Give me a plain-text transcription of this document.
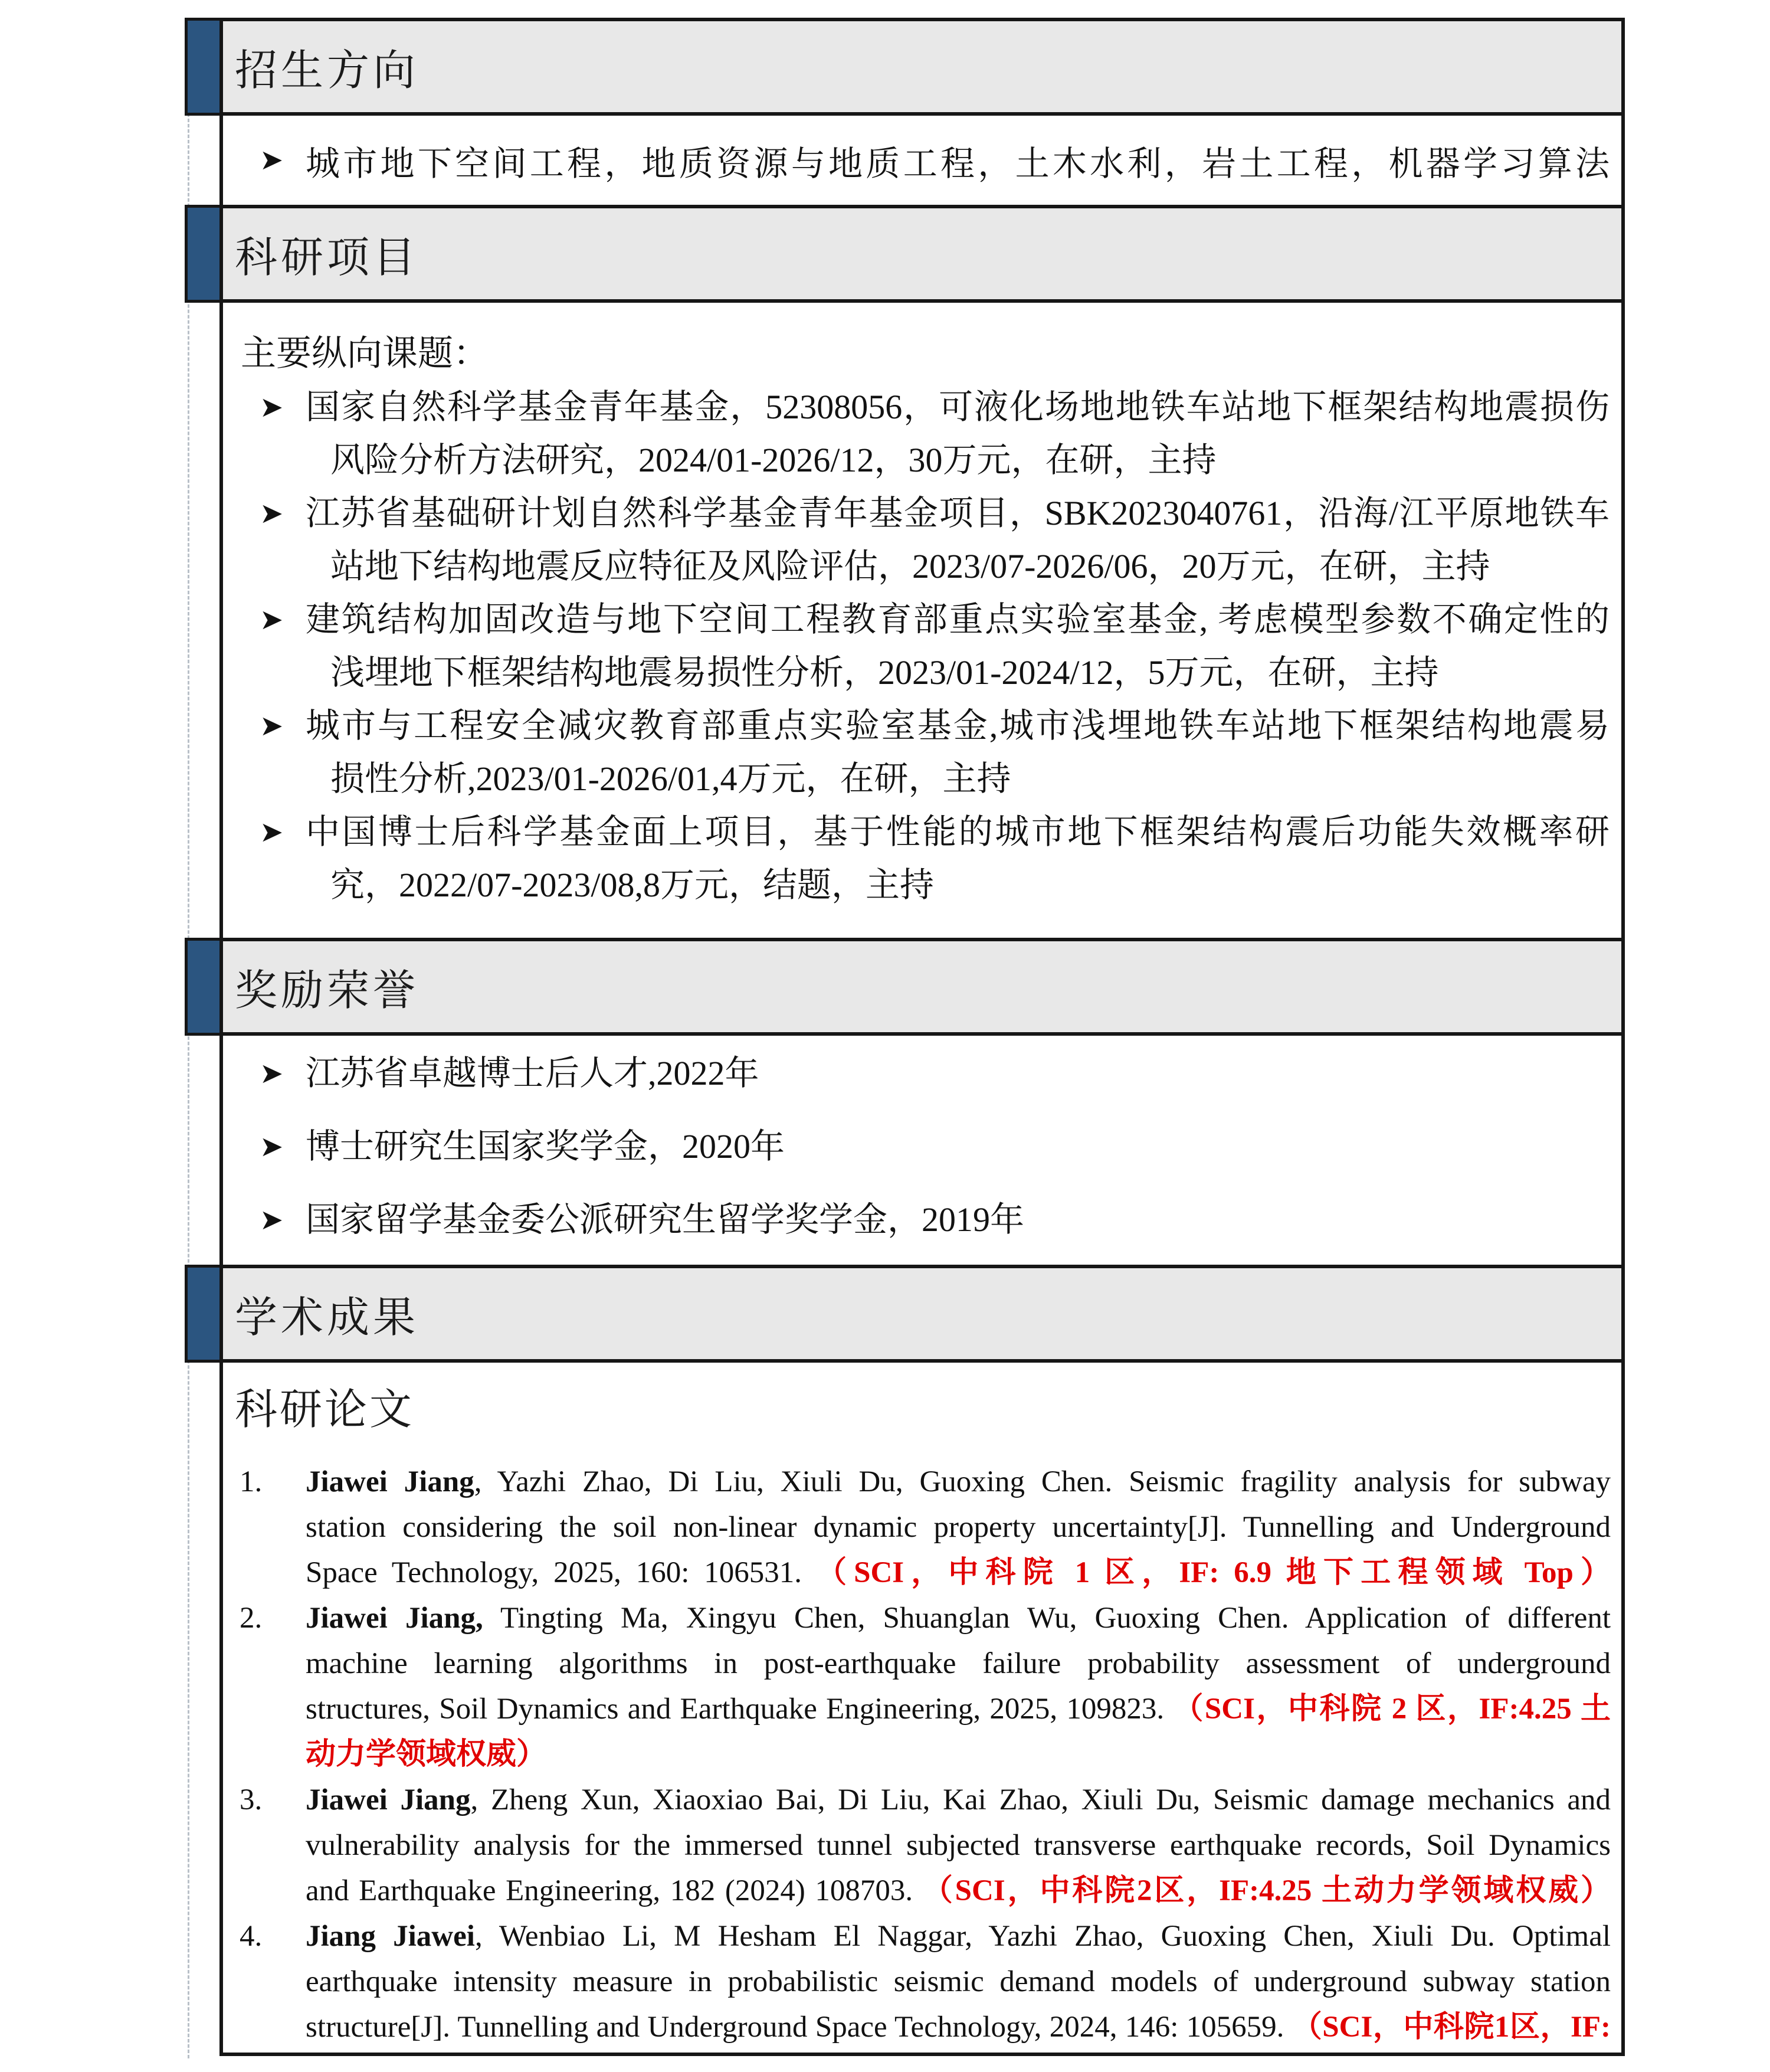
招生方向
➤ 城市地下空间工程，地质资源与地质工程，土木水利，岩土工程，机器学习算法
科研项目
主要纵向课题：
➤ 国家自然科学基金青年基金，52308056，可液化场地地铁车站地下框架结构地震损伤
风险分析方法研究，2024/01-2026/12，30万元，在研，主持
➤ 江苏省基础研计划自然科学基金青年基金项目，SBK2023040761，沿海/江平原地铁车
站地下结构地震反应特征及风险评估，2023/07-2026/06，20万元，在研，主持
➤ 建筑结构加固改造与地下空间工程教育部重点实验室基金, 考虑模型参数不确定性的
浅埋地下框架结构地震易损性分析，2023/01-2024/12，5万元，在研，主持
➤ 城市与工程安全减灾教育部重点实验室基金,城市浅埋地铁车站地下框架结构地震易
损性分析,2023/01-2026/01,4万元，在研，主持
➤ 中国博士后科学基金面上项目，基于性能的城市地下框架结构震后功能失效概率研
究，2022/07-2023/08,8万元，结题，主持
奖励荣誉
➤ 江苏省卓越博士后人才,2022年
➤ 博士研究生国家奖学金，2020年
➤ 国家留学基金委公派研究生留学奖学金，2019年
学术成果
科研论文
1. Jiawei Jiang, Yazhi Zhao, Di Liu, Xiuli Du, Guoxing Chen. Seismic fragility analysis for subway
station considering the soil non-linear dynamic property uncertainty[J]. Tunnelling and Underground
Space Technology, 2025, 160: 106531. （SCI，中科院 1 区，IF: 6.9 地下工程领域 Top）
2. Jiawei Jiang, Tingting Ma, Xingyu Chen, Shuanglan Wu, Guoxing Chen. Application of different
machine learning algorithms in post-earthquake failure probability assessment of underground
structures, Soil Dynamics and Earthquake Engineering, 2025, 109823. （SCI，中科院 2 区，IF:4.25 土
动力学领域权威）
3. Jiawei Jiang, Zheng Xun, Xiaoxiao Bai, Di Liu, Kai Zhao, Xiuli Du, Seismic damage mechanics and
vulnerability analysis for the immersed tunnel subjected transverse earthquake records, Soil Dynamics
and Earthquake Engineering, 182 (2024) 108703. （SCI，中科院2区，IF:4.25 土动力学领域权威）
4. Jiang Jiawei, Wenbiao Li, M Hesham El Naggar, Yazhi Zhao, Guoxing Chen, Xiuli Du. Optimal
earthquake intensity measure in probabilistic seismic demand models of underground subway station
structure[J]. Tunnelling and Underground Space Technology, 2024, 146: 105659. （SCI，中科院1区，IF:
